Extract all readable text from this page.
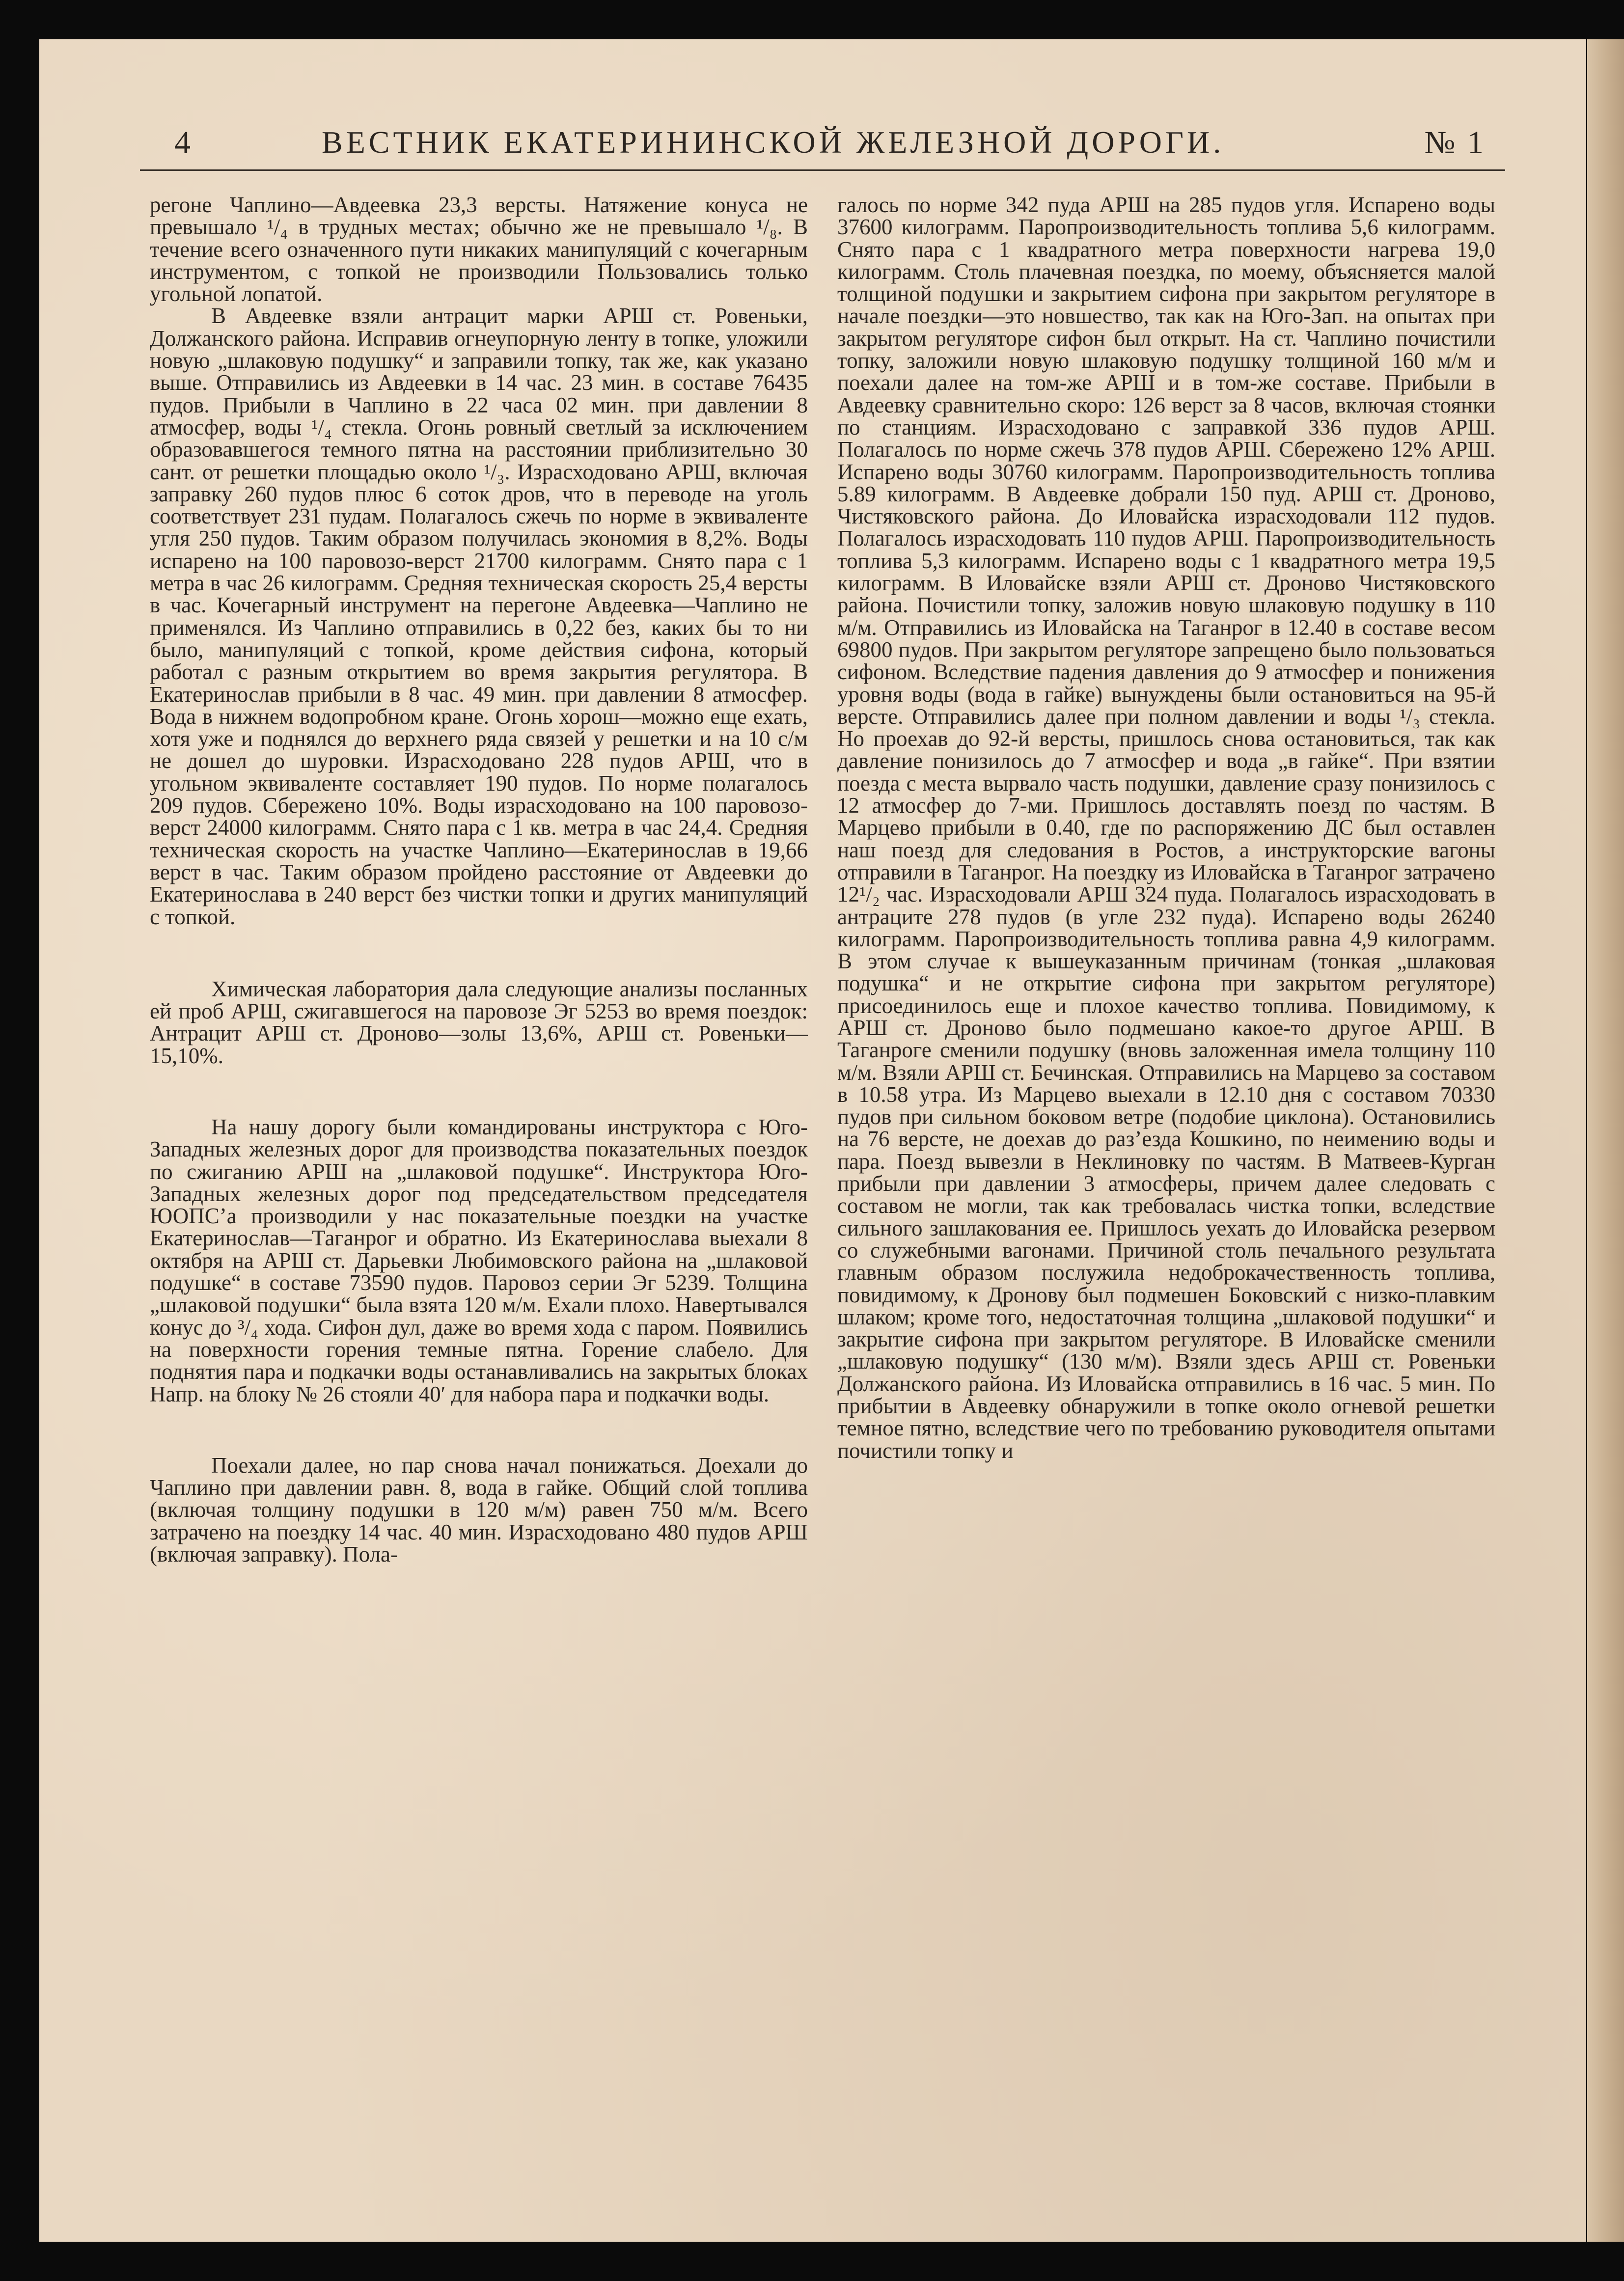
4	ВЕСТНИК ЕКАТЕРИНИНСКОЙ ЖЕЛЕЗНОЙ ДОРОГИ.	№ 1

регоне Чаплино—Авдеевка 23,3 версты. Натяжение конуса не превышало ¹/₄ в трудных местах; обычно же не превышало ¹/₈. В течение всего означенного пути никаких манипуляций с кочегарным инструментом, с топкой не производили Пользовались только угольной лопатой.

В Авдеевке взяли антрацит марки АРШ ст. Ровеньки, Должанского района. Исправив огнеупорную ленту в топке, уложили новую „шлаковую подушку“ и заправили топку, так же, как указано выше. Отправились из Авдеевки в 14 час. 23 мин. в составе 76435 пудов. Прибыли в Чаплино в 22 часа 02 мин. при давлении 8 атмосфер, воды ¹/₄ стекла. Огонь ровный светлый за исключением образовавшегося темного пятна на расстоянии приблизительно 30 сант. от решетки площадью около ¹/₃. Израсходовано АРШ, включая заправку 260 пудов плюс 6 соток дров, что в переводе на уголь соответствует 231 пудам. Полагалось сжечь по норме в эквиваленте угля 250 пудов. Таким образом получилась экономия в 8,2%. Воды испарено на 100 паровозо-верст 21700 килограмм. Снято пара с 1 метра в час 26 килограмм. Средняя техническая скорость 25,4 версты в час. Кочегарный инструмент на перегоне Авдеевка—Чаплино не применялся. Из Чаплино отправились в 0,22 без, каких бы то ни было, манипуляций с топкой, кроме действия сифона, который работал с разным открытием во время закрытия регулятора. В Екатеринослав прибыли в 8 час. 49 мин. при давлении 8 атмосфер. Вода в нижнем водопробном кране. Огонь хорош—можно еще ехать, хотя уже и поднялся до верхнего ряда связей у решетки и на 10 с/м не дошел до шуровки. Израсходовано 228 пудов АРШ, что в угольном эквиваленте составляет 190 пудов. По норме полагалось 209 пудов. Сбережено 10%. Воды израсходовано на 100 паровозо-верст 24000 килограмм. Снято пара с 1 кв. метра в час 24,4. Средняя техническая скорость на участке Чаплино—Екатеринослав в 19,66 верст в час. Таким образом пройдено расстояние от Авдеевки до Екатеринослава в 240 верст без чистки топки и других манипуляций с топкой.

Химическая лаборатория дала следующие анализы посланных ей проб АРШ, сжигавшегося на паровозе Эг 5253 во время поездок: Антрацит АРШ ст. Дроново—золы 13,6%, АРШ ст. Ровеньки—15,10%.

На нашу дорогу были командированы инструктора с Юго-Западных железных дорог для производства показательных поездок по сжиганию АРШ на „шлаковой подушке“. Инструктора Юго-Западных железных дорог под председательством председателя ЮОПС’а производили у нас показательные поездки на участке Екатеринослав—Таганрог и обратно. Из Екатеринослава выехали 8 октября на АРШ ст. Дарьевки Любимовского района на „шлаковой подушке“ в составе 73590 пудов. Паровоз серии Эг 5239. Толщина „шлаковой подушки“ была взята 120 м/м. Ехали плохо. Навертывался конус до ³/₄ хода. Сифон дул, даже во время хода с паром. Появились на поверхности горения темные пятна. Горение слабело. Для поднятия пара и подкачки воды останавливались на закрытых блоках Напр. на блоку № 26 стояли 40′ для набора пара и подкачки воды.

Поехали далее, но пар снова начал понижаться. Доехали до Чаплино при давлении равн. 8, вода в гайке. Общий слой топлива (включая толщину подушки в 120 м/м) равен 750 м/м. Всего затрачено на поездку 14 час. 40 мин. Израсходовано 480 пудов АРШ (включая заправку). Пола-

галось по норме 342 пуда АРШ на 285 пудов угля. Испарено воды 37600 килограмм. Паропроизводительность топлива 5,6 килограмм. Снято пара с 1 квадратного метра поверхности нагрева 19,0 килограмм. Столь плачевная поездка, по моему, объясняется малой толщиной подушки и закрытием сифона при закрытом регуляторе в начале поездки—это новшество, так как на Юго-Зап. на опытах при закрытом регуляторе сифон был открыт. На ст. Чаплино почистили топку, заложили новую шлаковую подушку толщиной 160 м/м и поехали далее на том-же АРШ и в том-же составе. Прибыли в Авдеевку сравнительно скоро: 126 верст за 8 часов, включая стоянки по станциям. Израсходовано с заправкой 336 пудов АРШ. Полагалось по норме сжечь 378 пудов АРШ. Сбережено 12% АРШ. Испарено воды 30760 килограмм. Паропроизводительность топлива 5.89 килограмм. В Авдеевке добрали 150 пуд. АРШ ст. Дроново, Чистяковского района. До Иловайска израсходовали 112 пудов. Полагалось израсходовать 110 пудов АРШ. Паропроизводительность топлива 5,3 килограмм. Испарено воды с 1 квадратного метра 19,5 килограмм. В Иловайске взяли АРШ ст. Дроново Чистяковского района. Почистили топку, заложив новую шлаковую подушку в 110 м/м. Отправились из Иловайска на Таганрог в 12.40 в составе весом 69800 пудов. При закрытом регуляторе запрещено было пользоваться сифоном. Вследствие падения давления до 9 атмосфер и понижения уровня воды (вода в гайке) вынуждены были остановиться на 95-й версте. Отправились далее при полном давлении и воды ¹/₃ стекла. Но проехав до 92-й версты, пришлось снова остановиться, так как давление понизилось до 7 атмосфер и вода „в гайке“. При взятии поезда с места вырвало часть подушки, давление сразу понизилось с 12 атмосфер до 7-ми. Пришлось доставлять поезд по частям. В Марцево прибыли в 0.40, где по распоряжению ДС был оставлен наш поезд для следования в Ростов, а инструкторские вагоны отправили в Таганрог. На поездку из Иловайска в Таганрог затрачено 12¹/₂ час. Израсходовали АРШ 324 пуда. Полагалось израсходовать в антраците 278 пудов (в угле 232 пуда). Испарено воды 26240 килограмм. Паропроизводительность топлива равна 4,9 килограмм. В этом случае к вышеуказанным причинам (тонкая „шлаковая подушка“ и не открытие сифона при закрытом регуляторе) присоединилось еще и плохое качество топлива. Повидимому, к АРШ ст. Дроново было подмешано какое-то другое АРШ. В Таганроге сменили подушку (вновь заложенная имела толщину 110 м/м. Взяли АРШ ст. Бечинская. Отправились на Марцево за составом в 10.58 утра. Из Марцево выехали в 12.10 дня с составом 70330 пудов при сильном боковом ветре (подобие циклона). Остановились на 76 версте, не доехав до раз’езда Кошкино, по неимению воды и пара. Поезд вывезли в Неклиновку по частям. В Матвеев-Курган прибыли при давлении 3 атмосферы, причем далее следовать с составом не могли, так как требовалась чистка топки, вследствие сильного зашлакования ее. Пришлось уехать до Иловайска резервом со служебными вагонами. Причиной столь печального результата главным образом послужила недоброкачественность топлива, повидимому, к Дронову был подмешен Боковский с низко-плавким шлаком; кроме того, недостаточная толщина „шлаковой подушки“ и закрытие сифона при закрытом регуляторе. В Иловайске сменили „шлаковую подушку“ (130 м/м). Взяли здесь АРШ ст. Ровеньки Должанского района. Из Иловайска отправились в 16 час. 5 мин. По прибытии в Авдеевку обнаружили в топке около огневой решетки темное пятно, вследствие чего по требованию руководителя опытами почистили топку и
